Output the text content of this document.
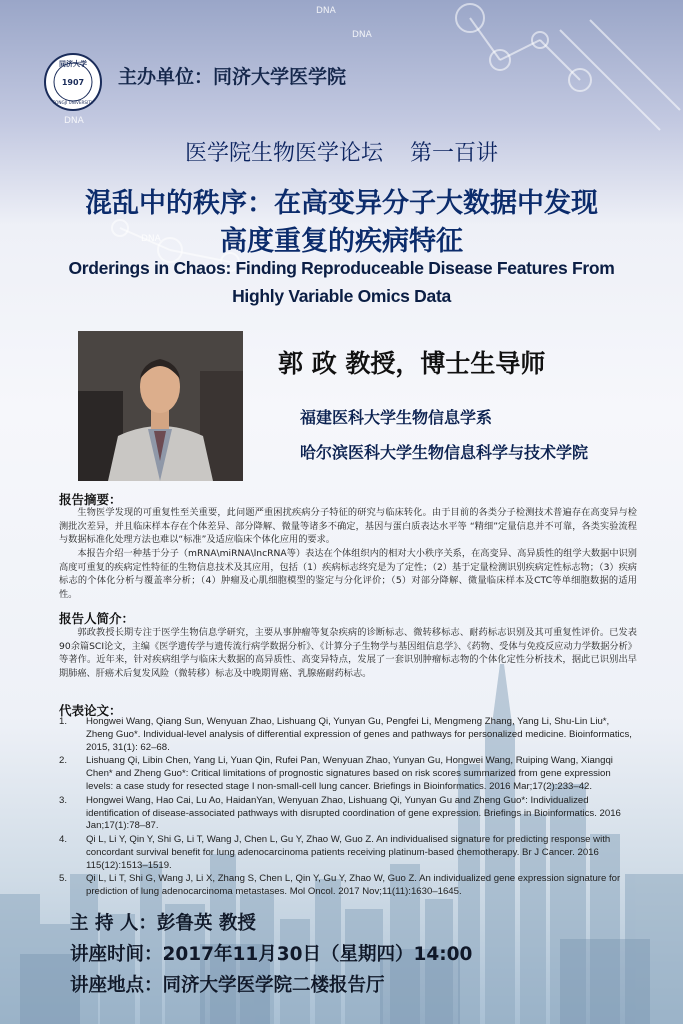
DNA
DNA
DNA
DNA
同济大学
1907
TONGJI UNIVERSITY
主办单位：同济大学医学院
医学院生物医学论坛 第一百讲
混乱中的秩序：在高变异分子大数据中发现
高度重复的疾病特征
Orderings in Chaos: Finding Reproduceable Disease Features From
Highly Variable Omics Data
郭 政 教授，博士生导师
福建医科大学生物信息学系
哈尔滨医科大学生物信息科学与技术学院
报告摘要：
生物医学发现的可重复性至关重要，此问题严重困扰疾病分子特征的研究与临床转化。由于目前的各类分子检测技术普遍存在高变异与检测批次差异，并且临床样本存在个体差异、部分降解、微量等诸多不确定，基因与蛋白质表达水平等 “精细”定量信息并不可靠，各类实验流程与数据标准化处理方法也难以“标准”及适应临床个体化应用的要求。
本报告介绍一种基于分子（mRNA\miRNA\lncRNA等）表达在个体组织内的相对大小秩序关系，在高变异、高异质性的组学大数据中识别高度可重复的疾病定性特征的生物信息技术及其应用，包括（1）疾病标志终究是为了定性；（2）基于定量检测识别疾病定性标志物；（3）疾病标志的个体化分析与覆盖率分析；（4）肿瘤及心肌细胞模型的鉴定与分化评价；（5）对部分降解、微量临床样本及CTC等单细胞数据的适用性。
报告人简介：
郭政教授长期专注于医学生物信息学研究，主要从事肿瘤等复杂疾病的诊断标志、微转移标志、耐药标志识别及其可重复性评价。已发表90余篇SCI论文，主编《医学遗传学与遗传流行病学数据分析》、《计算分子生物学与基因组信息学》、《药物、受体与免疫反应动力学数据分析》等著作。近年来，针对疾病组学与临床大数据的高异质性、高变异特点，发展了一套识别肿瘤标志物的个体化定性分析技术，据此已识别出早期肺癌、肝癌术后复发风险（微转移）标志及中晚期胃癌、乳腺癌耐药标志。
代表论文：
1. Hongwei Wang, Qiang Sun, Wenyuan Zhao, Lishuang Qi, Yunyan Gu, Pengfei Li, Mengmeng Zhang, Yang Li, Shu-Lin Liu*, Zheng Guo*. Individual-level analysis of differential expression of genes and pathways for personalized medicine. Bioinformatics, 2015, 31(1): 62–68.
2. Lishuang Qi, Libin Chen, Yang Li, Yuan Qin, Rufei Pan, Wenyuan Zhao, Yunyan Gu, Hongwei Wang, Ruiping Wang, Xiangqi Chen* and Zheng Guo*: Critical limitations of prognostic signatures based on risk scores summarized from gene expression levels: a case study for resected stage I non-small-cell lung cancer. Briefings in Bioinformatics. 2016 Mar;17(2):233–42.
3. Hongwei Wang, Hao Cai, Lu Ao, HaidanYan, Wenyuan Zhao, Lishuang Qi, Yunyan Gu and Zheng Guo*: Individualized identification of disease-associated pathways with disrupted coordination of gene expression. Briefings in Bioinformatics. 2016 Jan;17(1):78–87.
4. Qi L, Li Y, Qin Y, Shi G, Li T, Wang J, Chen L, Gu Y, Zhao W, Guo Z. An individualised signature for predicting response with concordant survival benefit for lung adenocarcinoma patients receiving platinum-based chemotherapy. Br J Cancer. 2016 115(12):1513–1519.
5. Qi L, Li T, Shi G, Wang J, Li X, Zhang S, Chen L, Qin Y, Gu Y, Zhao W, Guo Z. An individualized gene expression signature for prediction of lung adenocarcinoma metastases. Mol Oncol. 2017 Nov;11(11):1630–1645.
主 持 人：彭鲁英 教授
讲座时间：2017年11月30日（星期四）14:00
讲座地点：同济大学医学院二楼报告厅
